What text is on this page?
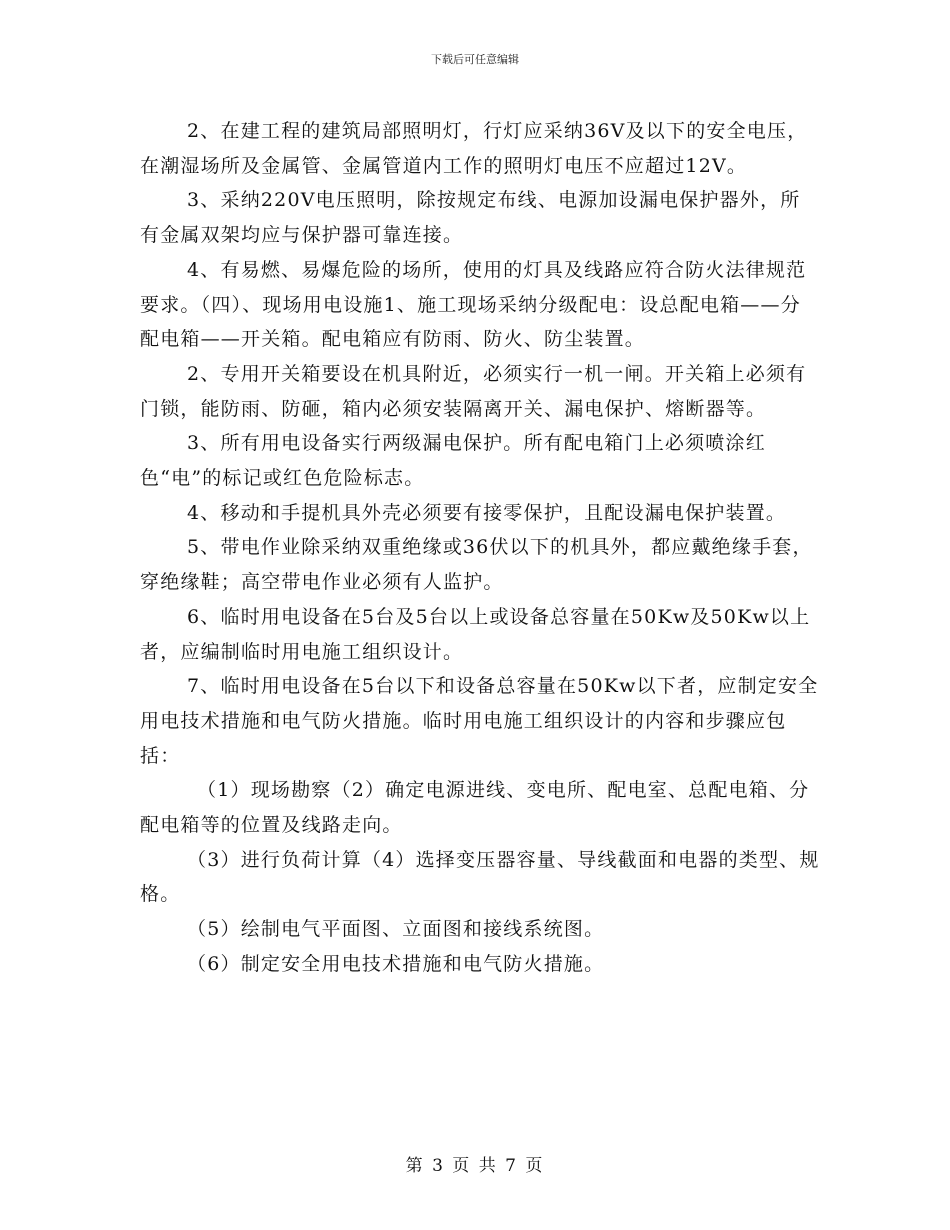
下载后可任意编辑

2、在建工程的建筑局部照明灯，行灯应采纳36V及以下的安全电压，在潮湿场所及金属管、金属管道内工作的照明灯电压不应超过12V。

3、采纳220V电压照明，除按规定布线、电源加设漏电保护器外，所有金属双架均应与保护器可靠连接。

4、有易燃、易爆危险的场所，使用的灯具及线路应符合防火法律规范要求。（四）、现场用电设施1、施工现场采纳分级配电：设总配电箱——分配电箱——开关箱。配电箱应有防雨、防火、防尘装置。

2、专用开关箱要设在机具附近，必须实行一机一闸。开关箱上必须有门锁，能防雨、防砸，箱内必须安装隔离开关、漏电保护、熔断器等。

3、所有用电设备实行两级漏电保护。所有配电箱门上必须喷涂红色“电”的标记或红色危险标志。

4、移动和手提机具外壳必须要有接零保护，且配设漏电保护装置。

5、带电作业除采纳双重绝缘或36伏以下的机具外，都应戴绝缘手套，穿绝缘鞋；高空带电作业必须有人监护。

6、临时用电设备在5台及5台以上或设备总容量在50Kw及50Kw以上者，应编制临时用电施工组织设计。

7、临时用电设备在5台以下和设备总容量在50Kw以下者，应制定安全用电技术措施和电气防火措施。临时用电施工组织设计的内容和步骤应包括：

（1）现场勘察（2）确定电源进线、变电所、配电室、总配电箱、分配电箱等的位置及线路走向。

（3）进行负荷计算（4）选择变压器容量、导线截面和电器的类型、规格。

（5）绘制电气平面图、立面图和接线系统图。

（6）制定安全用电技术措施和电气防火措施。

第 3 页 共 7 页
